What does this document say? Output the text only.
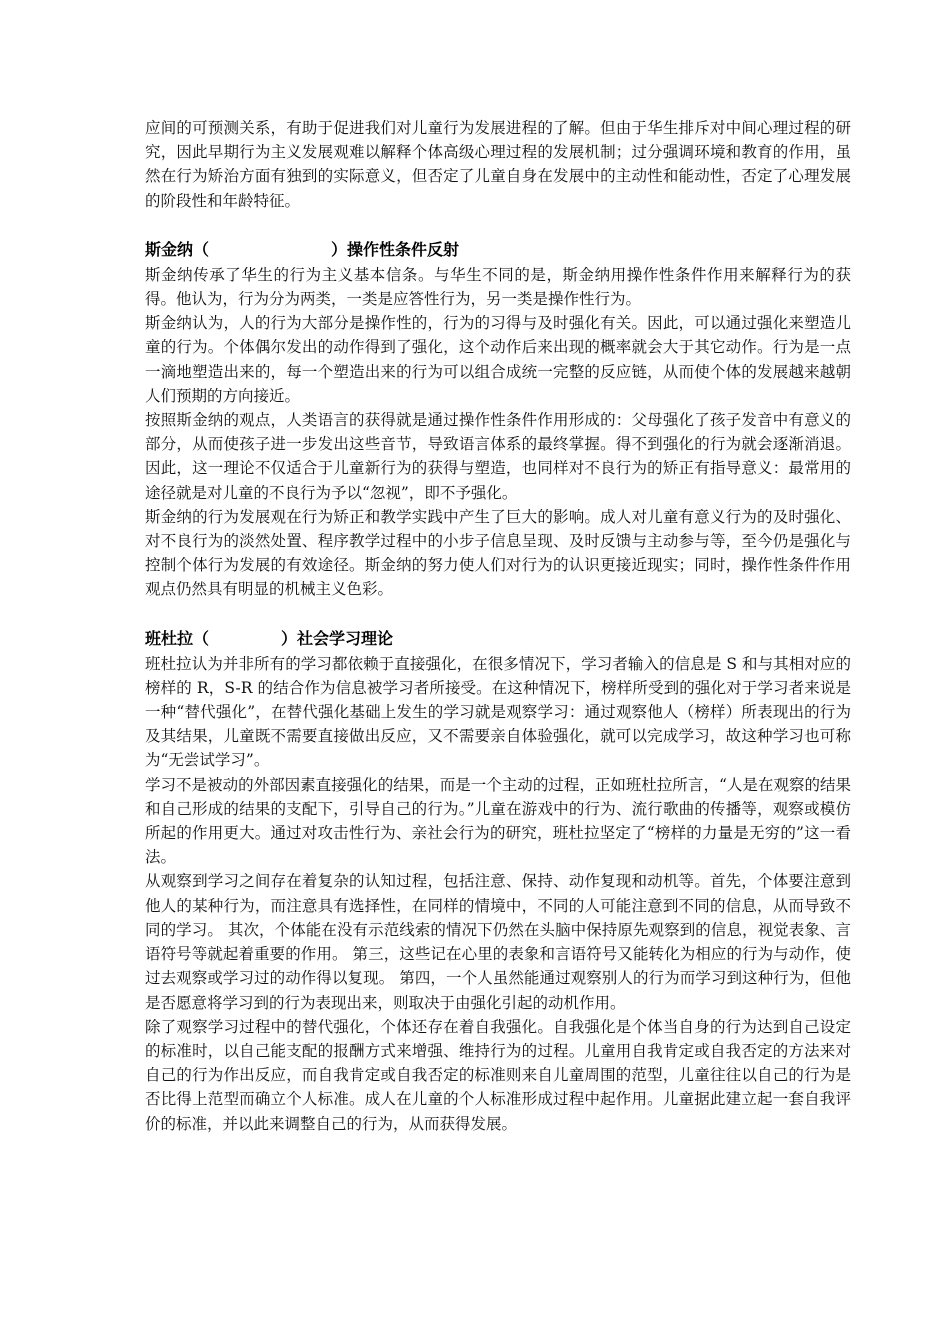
应间的可预测关系，有助于促进我们对儿童行为发展进程的了解。但由于华生排斥对中间心理过程的研究，因此早期行为主义发展观难以解释个体高级心理过程的发展机制；过分强调环境和教育的作用，虽然在行为矫治方面有独到的实际意义，但否定了儿童自身在发展中的主动性和能动性，否定了心理发展的阶段性和年龄特征。

斯金纳（	）操作性条件反射

斯金纳传承了华生的行为主义基本信条。与华生不同的是，斯金纳用操作性条件作用来解释行为的获得。他认为，行为分为两类，一类是应答性行为，另一类是操作性行为。

斯金纳认为，人的行为大部分是操作性的，行为的习得与及时强化有关。因此，可以通过强化来塑造儿童的行为。个体偶尔发出的动作得到了强化，这个动作后来出现的概率就会大于其它动作。行为是一点一滴地塑造出来的，每一个塑造出来的行为可以组合成统一完整的反应链，从而使个体的发展越来越朝人们预期的方向接近。

按照斯金纳的观点，人类语言的获得就是通过操作性条件作用形成的：父母强化了孩子发音中有意义的部分，从而使孩子进一步发出这些音节，导致语言体系的最终掌握。得不到强化的行为就会逐渐消退。因此，这一理论不仅适合于儿童新行为的获得与塑造，也同样对不良行为的矫正有指导意义：最常用的途径就是对儿童的不良行为予以“忽视”，即不予强化。

斯金纳的行为发展观在行为矫正和教学实践中产生了巨大的影响。成人对儿童有意义行为的及时强化、对不良行为的淡然处置、程序教学过程中的小步子信息呈现、及时反馈与主动参与等，至今仍是强化与控制个体行为发展的有效途径。斯金纳的努力使人们对行为的认识更接近现实；同时，操作性条件作用观点仍然具有明显的机械主义色彩。

班杜拉（	）社会学习理论

班杜拉认为并非所有的学习都依赖于直接强化，在很多情况下，学习者输入的信息是 S 和与其相对应的榜样的 R，S-R 的结合作为信息被学习者所接受。在这种情况下，榜样所受到的强化对于学习者来说是一种“替代强化”，在替代强化基础上发生的学习就是观察学习：通过观察他人（榜样）所表现出的行为及其结果，儿童既不需要直接做出反应，又不需要亲自体验强化，就可以完成学习，故这种学习也可称为“无尝试学习”。

学习不是被动的外部因素直接强化的结果，而是一个主动的过程，正如班杜拉所言，“人是在观察的结果和自己形成的结果的支配下，引导自己的行为。”儿童在游戏中的行为、流行歌曲的传播等，观察或模仿所起的作用更大。通过对攻击性行为、亲社会行为的研究，班杜拉坚定了“榜样的力量是无穷的”这一看法。

从观察到学习之间存在着复杂的认知过程，包括注意、保持、动作复现和动机等。首先，个体要注意到他人的某种行为，而注意具有选择性，在同样的情境中，不同的人可能注意到不同的信息，从而导致不同的学习。 其次，个体能在没有示范线索的情况下仍然在头脑中保持原先观察到的信息，视觉表象、言语符号等就起着重要的作用。 第三，这些记在心里的表象和言语符号又能转化为相应的行为与动作，使过去观察或学习过的动作得以复现。 第四，一个人虽然能通过观察别人的行为而学习到这种行为，但他是否愿意将学习到的行为表现出来，则取决于由强化引起的动机作用。

除了观察学习过程中的替代强化，个体还存在着自我强化。自我强化是个体当自身的行为达到自己设定的标准时，以自己能支配的报酬方式来增强、维持行为的过程。儿童用自我肯定或自我否定的方法来对自己的行为作出反应，而自我肯定或自我否定的标准则来自儿童周围的范型，儿童往往以自己的行为是否比得上范型而确立个人标准。成人在儿童的个人标准形成过程中起作用。儿童据此建立起一套自我评价的标准，并以此来调整自己的行为，从而获得发展。
